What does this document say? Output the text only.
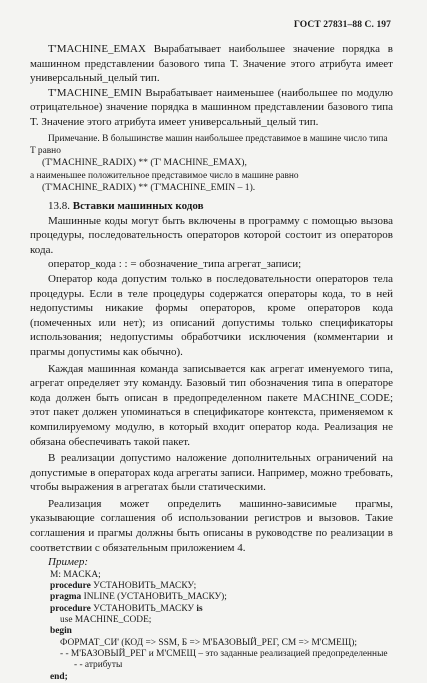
ГОСТ 27831–88 С. 197

T'MACHINE_EMAX Вырабатывает наибольшее значение порядка в машинном представлении базового типа T. Значение этого атрибута имеет универсальный_целый тип.

T'MACHINE_EMIN Вырабатывает наименьшее (наибольшее по модулю отрицательное) значение порядка в машинном представлении базового типа T. Значение этого атрибута имеет универсальный_целый тип.

Примечание. В большинстве машин наибольшее представимое в машине число типа T равно

(T'MACHINE_RADIX) ** (T' MACHINE_EMAX),

а наименьшее положительное представимое число в машине равно

(T'MACHINE_RADIX) ** (T'MACHINE_EMIN – 1).

13.8. Вставки машинных кодов

Машинные коды могут быть включены в программу с помощью вызова процедуры, последовательность операторов которой состоит из операторов кода.

оператор_кода : : = обозначение_типа агрегат_записи;

Оператор кода допустим только в последовательности операторов тела процедуры. Если в теле процедуры содержатся операторы кода, то в ней недопустимы никакие формы операторов, кроме операторов кода (помеченных или нет); из описаний допустимы только спецификаторы использования; недопустимы обработчики исключения (комментарии и прагмы допустимы как обычно).

Каждая машинная команда записывается как агрегат именуемого типа, агрегат определяет эту команду. Базовый тип обозначения типа в операторе кода должен быть описан в предопределенном пакете MACHINE_CODE; этот пакет должен упоминаться в спецификаторе контекста, применяемом к компилируемому модулю, в который входит оператор кода. Реализация не обязана обеспечивать такой пакет.

В реализации допустимо наложение дополнительных ограничений на допустимые в операторах кода агрегаты записи. Например, можно требовать, чтобы выражения в агрегатах были статическими.

Реализация может определить машинно-зависимые прагмы, указывающие соглашения об использовании регистров и вызовов. Такие соглашения и прагмы должны быть описаны в руководстве по реализации в соответствии с обязательным приложением 4.

Пример:

M: MACKA;
procedure УСТАНОВИТЬ_МАСКУ;
pragma INLINE (УСТАНОВИТЬ_МАСКУ);
procedure УСТАНОВИТЬ_МАСКУ is
use MACHINE_CODE;
begin
ФОРМАТ_СИ' (КОД => SSM, Б => M'БАЗОВЫЙ_РЕГ, CM => M'СМЕЩ);
- - M'БАЗОВЫЙ_РЕГ и M'СМЕЩ – это заданные реализацией предопределенные
- - атрибуты
end;
